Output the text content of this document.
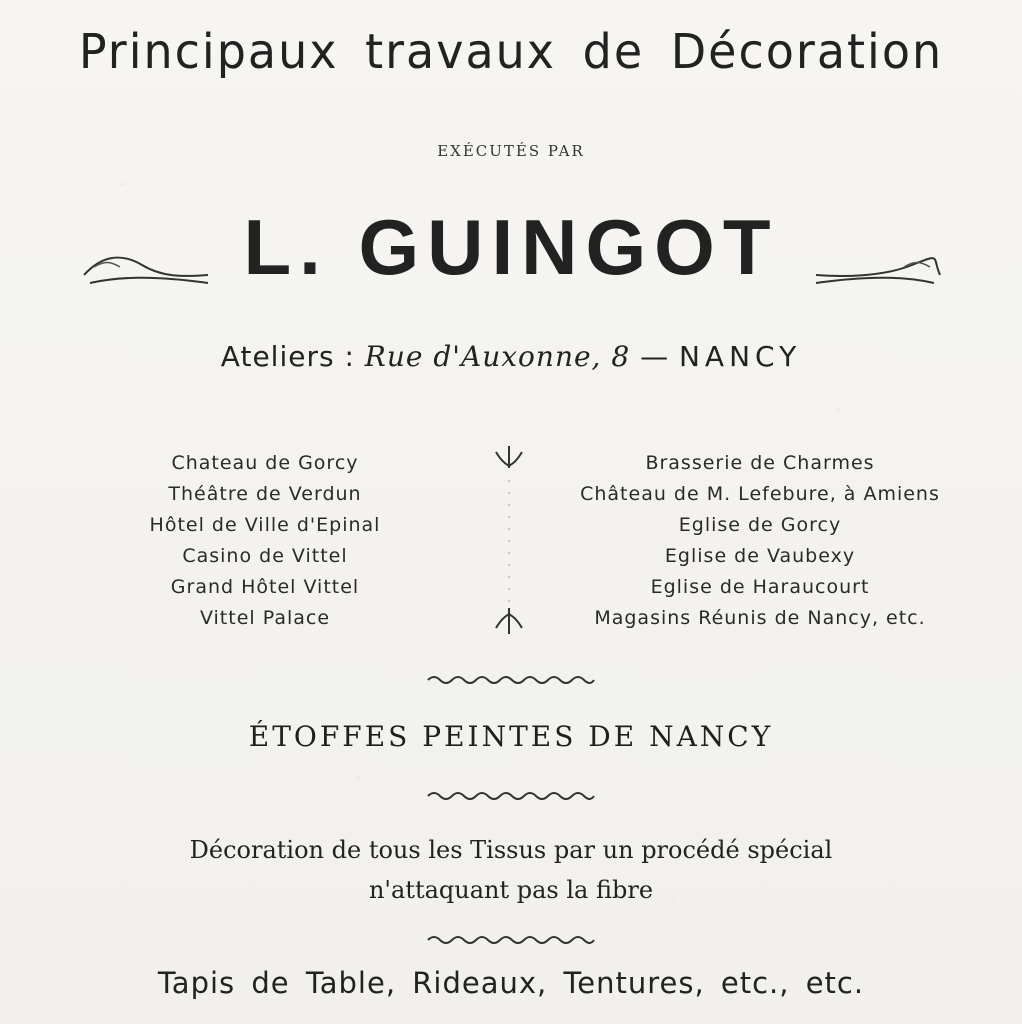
Principaux travaux de Décoration
EXÉCUTÉS PAR
L. GUINGOT
Ateliers : Rue d'Auxonne, 8 — NANCY
Chateau de Gorcy
Théâtre de Verdun
Hôtel de Ville d'Epinal
Casino de Vittel
Grand Hôtel Vittel
Vittel Palace
Brasserie de Charmes
Château de M. Lefebure, à Amiens
Eglise de Gorcy
Eglise de Vaubexy
Eglise de Haraucourt
Magasins Réunis de Nancy, etc.
ÉTOFFES PEINTES DE NANCY
Décoration de tous les Tissus par un procédé spécial
n'attaquant pas la fibre
Tapis de Table, Rideaux, Tentures, etc., etc.
